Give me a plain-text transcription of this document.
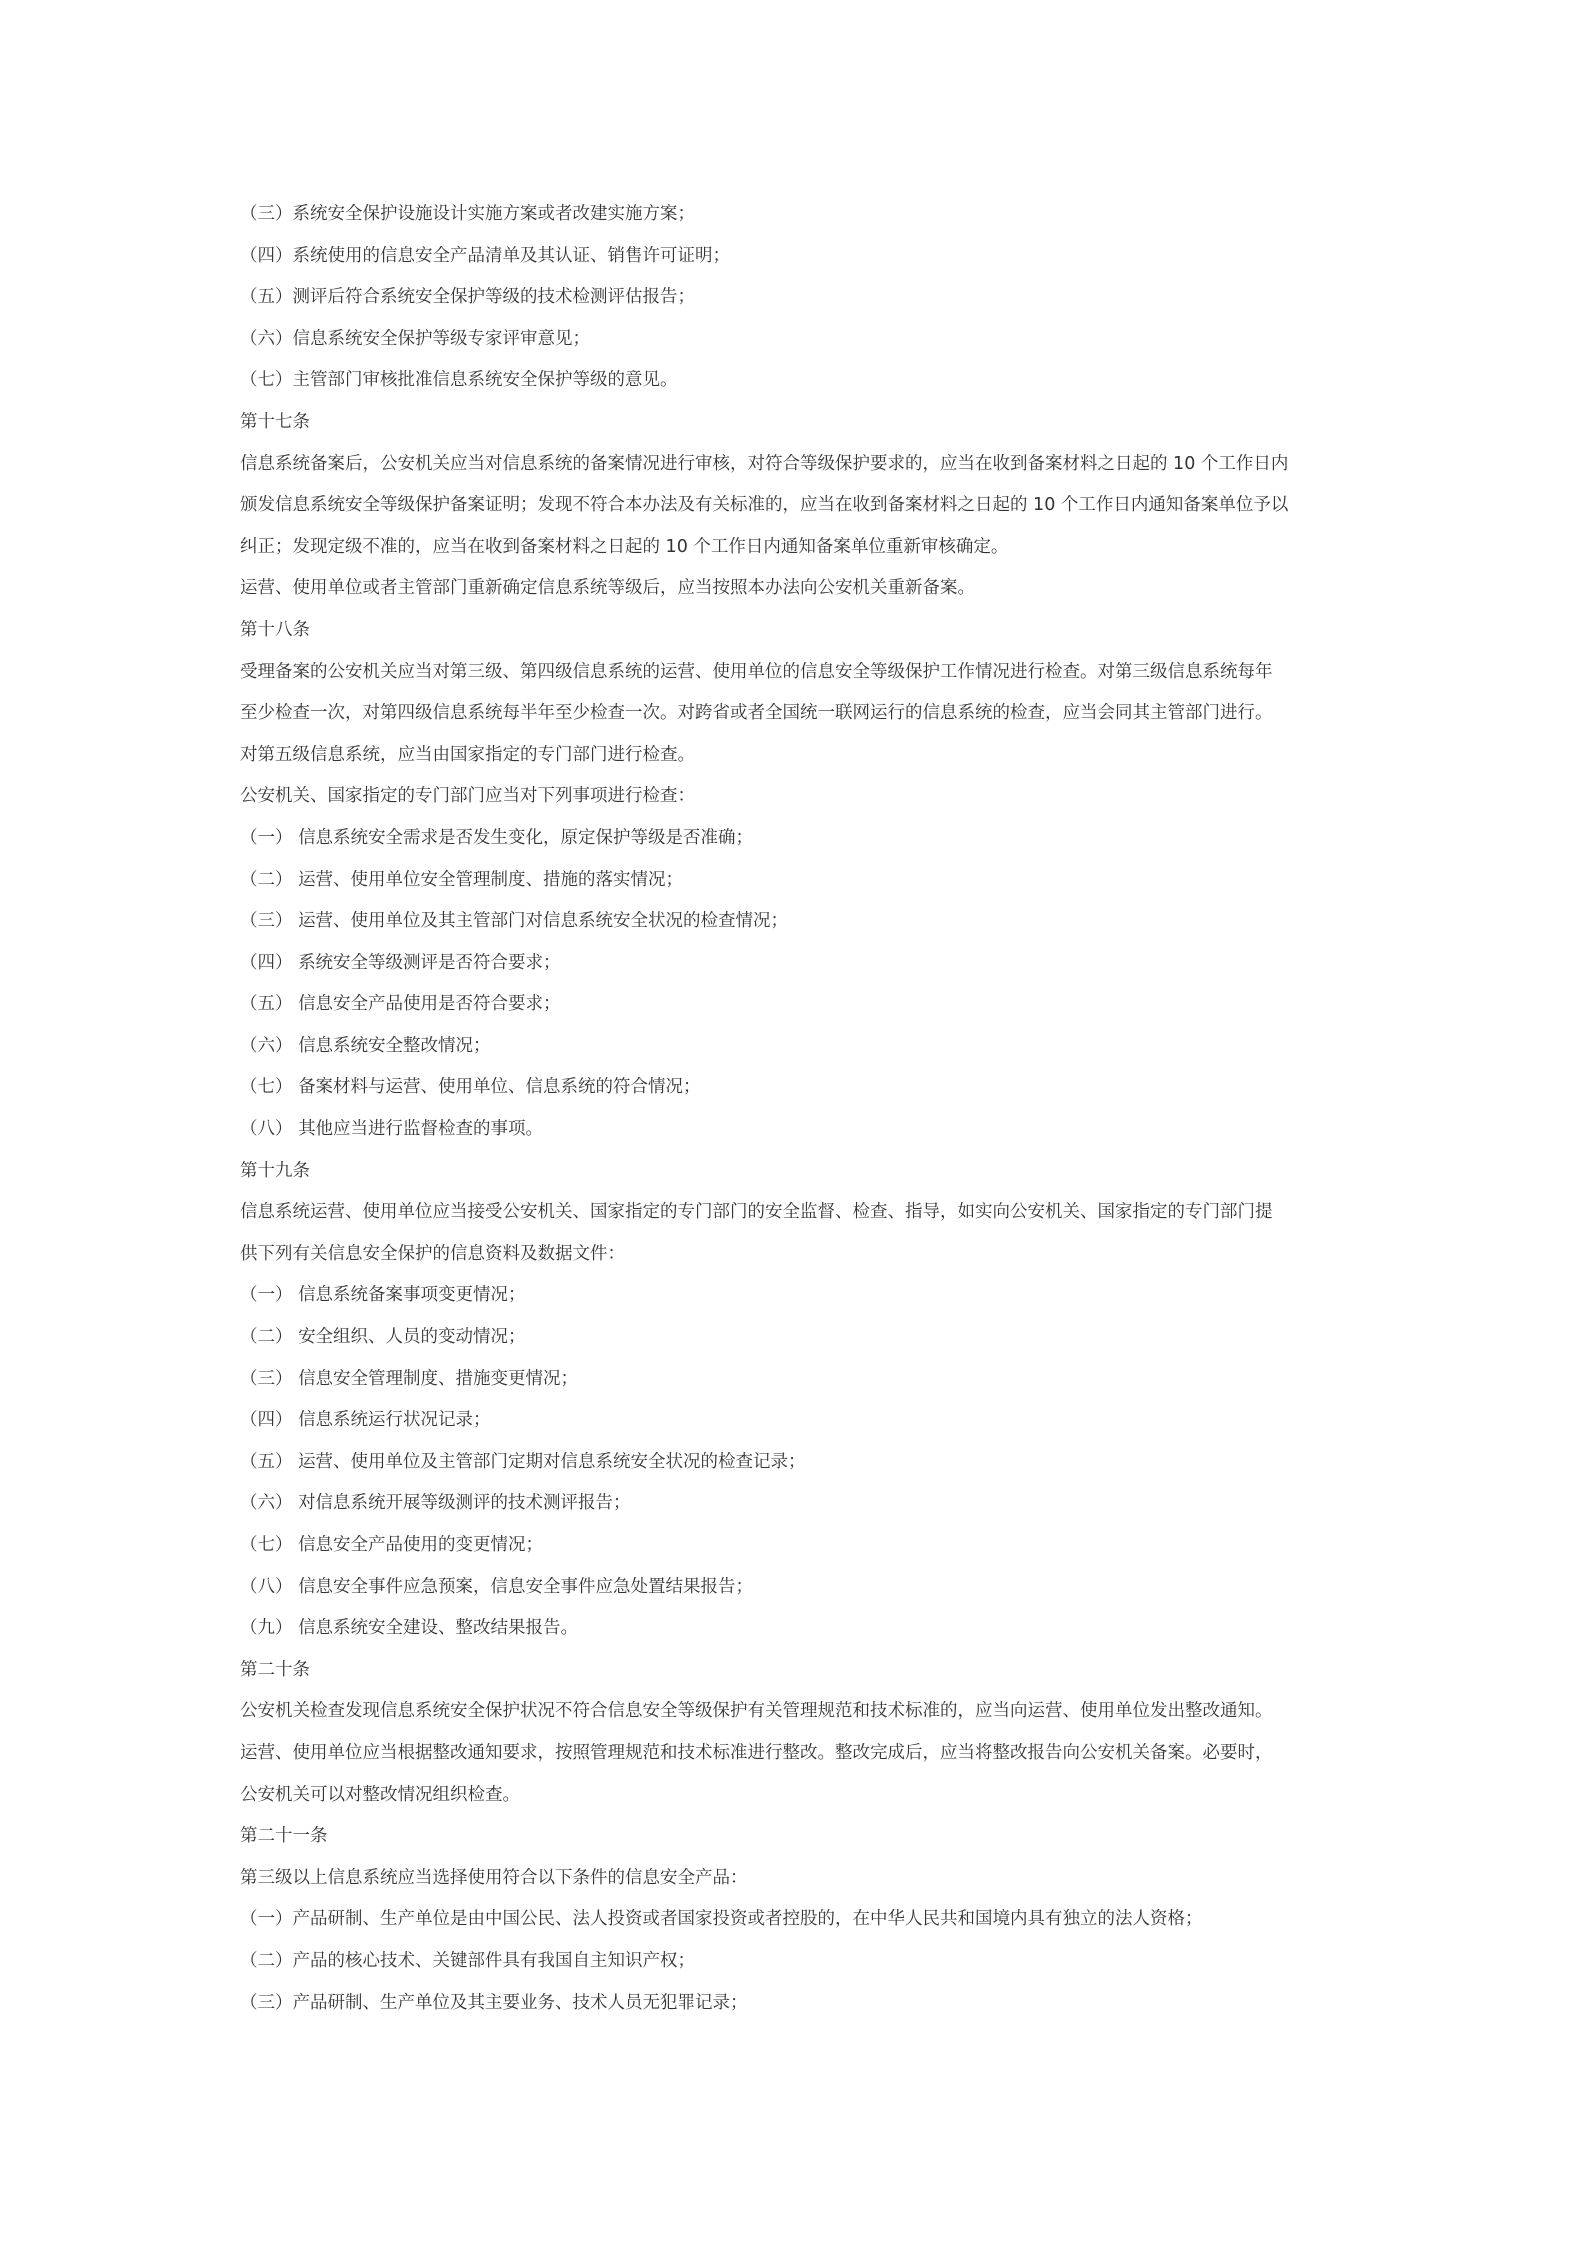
（三）系统安全保护设施设计实施方案或者改建实施方案；

（四）系统使用的信息安全产品清单及其认证、销售许可证明；

（五）测评后符合系统安全保护等级的技术检测评估报告；

（六）信息系统安全保护等级专家评审意见；

（七）主管部门审核批准信息系统安全保护等级的意见。

第十七条

信息系统备案后，公安机关应当对信息系统的备案情况进行审核，对符合等级保护要求的，应当在收到备案材料之日起的 10 个工作日内

颁发信息系统安全等级保护备案证明；发现不符合本办法及有关标准的，应当在收到备案材料之日起的 10 个工作日内通知备案单位予以

纠正；发现定级不准的，应当在收到备案材料之日起的 10 个工作日内通知备案单位重新审核确定。

运营、使用单位或者主管部门重新确定信息系统等级后，应当按照本办法向公安机关重新备案。

第十八条

受理备案的公安机关应当对第三级、第四级信息系统的运营、使用单位的信息安全等级保护工作情况进行检查。对第三级信息系统每年

至少检查一次，对第四级信息系统每半年至少检查一次。对跨省或者全国统一联网运行的信息系统的检查，应当会同其主管部门进行。

对第五级信息系统，应当由国家指定的专门部门进行检查。

公安机关、国家指定的专门部门应当对下列事项进行检查：

（一） 信息系统安全需求是否发生变化，原定保护等级是否准确；

（二） 运营、使用单位安全管理制度、措施的落实情况；

（三） 运营、使用单位及其主管部门对信息系统安全状况的检查情况；

（四） 系统安全等级测评是否符合要求；

（五） 信息安全产品使用是否符合要求；

（六） 信息系统安全整改情况；

（七） 备案材料与运营、使用单位、信息系统的符合情况；

（八） 其他应当进行监督检查的事项。

第十九条

信息系统运营、使用单位应当接受公安机关、国家指定的专门部门的安全监督、检查、指导，如实向公安机关、国家指定的专门部门提

供下列有关信息安全保护的信息资料及数据文件：

（一） 信息系统备案事项变更情况；

（二） 安全组织、人员的变动情况；

（三） 信息安全管理制度、措施变更情况；

（四） 信息系统运行状况记录；

（五） 运营、使用单位及主管部门定期对信息系统安全状况的检查记录；

（六） 对信息系统开展等级测评的技术测评报告；

（七） 信息安全产品使用的变更情况；

（八） 信息安全事件应急预案，信息安全事件应急处置结果报告；

（九） 信息系统安全建设、整改结果报告。

第二十条

公安机关检查发现信息系统安全保护状况不符合信息安全等级保护有关管理规范和技术标准的，应当向运营、使用单位发出整改通知。

运营、使用单位应当根据整改通知要求，按照管理规范和技术标准进行整改。整改完成后，应当将整改报告向公安机关备案。必要时，

公安机关可以对整改情况组织检查。

第二十一条

第三级以上信息系统应当选择使用符合以下条件的信息安全产品：

（一）产品研制、生产单位是由中国公民、法人投资或者国家投资或者控股的，在中华人民共和国境内具有独立的法人资格；

（二）产品的核心技术、关键部件具有我国自主知识产权；

（三）产品研制、生产单位及其主要业务、技术人员无犯罪记录；
